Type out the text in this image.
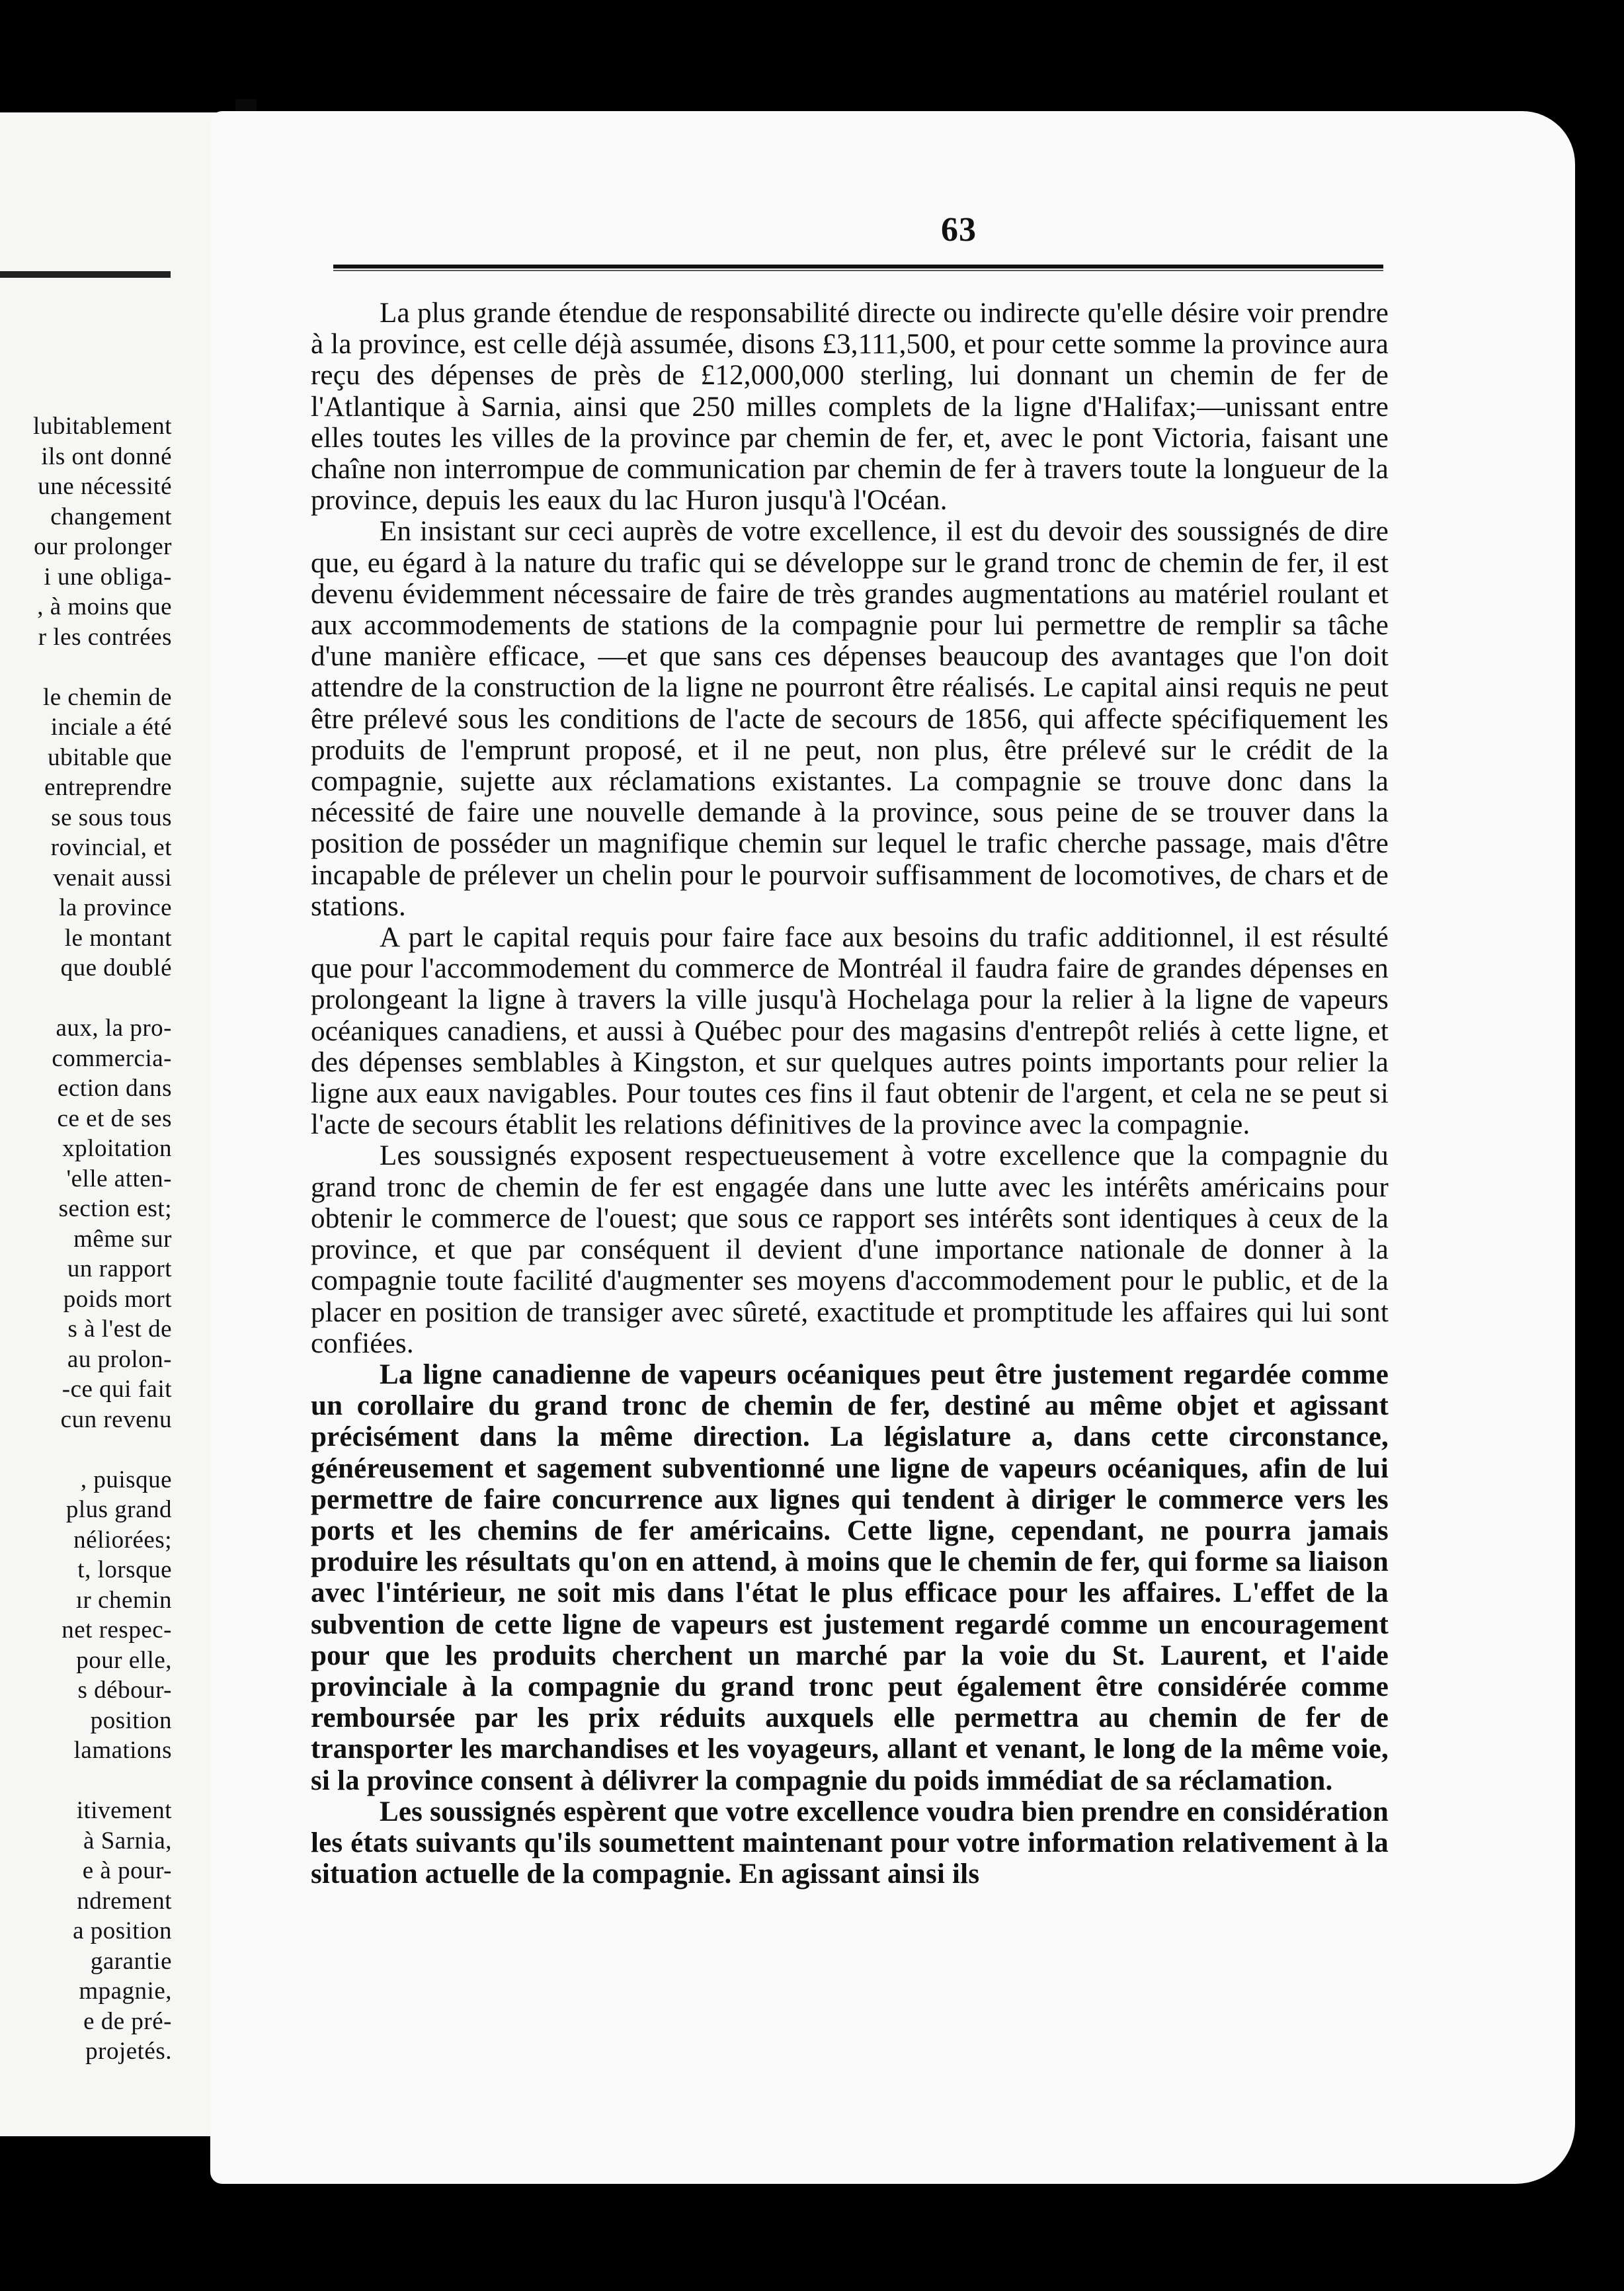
lubitablement
ils ont donné
une nécessité
changement
our prolonger
i une obliga-
, à moins que
r les contrées
le chemin de
inciale a été
ubitable que
entreprendre
se sous tous
rovincial, et
venait aussi
la province
le montant
que doublé
aux, la pro-
commercia-
ection dans
ce et de ses
xploitation
'elle atten-
section est;
même sur
un rapport
poids mort
s à l'est de
au prolon-
-ce qui fait
cun revenu
, puisque
plus grand
néliorées;
t, lorsque
ır chemin
net respec-
pour elle,
s débour-
position
lamations
itivement
à Sarnia,
e à pour-
ndrement
a position
garantie
mpagnie,
e de pré-
projetés.
63

La plus grande étendue de responsabilité directe ou indirecte qu'elle désire voir prendre à la province, est celle déjà assumée, disons £3,111,500, et pour cette somme la province aura reçu des dépenses de près de £12,000,000 sterling, lui donnant un chemin de fer de l'Atlantique à Sarnia, ainsi que 250 milles complets de la ligne d'Halifax;—unissant entre elles toutes les villes de la province par chemin de fer, et, avec le pont Victoria, faisant une chaîne non interrompue de communication par chemin de fer à travers toute la longueur de la province, depuis les eaux du lac Huron jusqu'à l'Océan.

En insistant sur ceci auprès de votre excellence, il est du devoir des soussignés de dire que, eu égard à la nature du trafic qui se développe sur le grand tronc de chemin de fer, il est devenu évidemment nécessaire de faire de très grandes augmentations au matériel roulant et aux accommodements de stations de la compagnie pour lui permettre de remplir sa tâche d'une manière efficace, —et que sans ces dépenses beaucoup des avantages que l'on doit attendre de la construction de la ligne ne pourront être réalisés. Le capital ainsi requis ne peut être prélevé sous les conditions de l'acte de secours de 1856, qui affecte spécifiquement les produits de l'emprunt proposé, et il ne peut, non plus, être prélevé sur le crédit de la compagnie, sujette aux réclamations existantes. La compagnie se trouve donc dans la nécessité de faire une nouvelle demande à la province, sous peine de se trouver dans la position de posséder un magnifique chemin sur lequel le trafic cherche passage, mais d'être incapable de prélever un chelin pour le pourvoir suffisamment de locomotives, de chars et de stations.

A part le capital requis pour faire face aux besoins du trafic additionnel, il est résulté que pour l'accommodement du commerce de Montréal il faudra faire de grandes dépenses en prolongeant la ligne à travers la ville jusqu'à Hochelaga pour la relier à la ligne de vapeurs océaniques canadiens, et aussi à Québec pour des magasins d'entrepôt reliés à cette ligne, et des dépenses semblables à Kingston, et sur quelques autres points importants pour relier la ligne aux eaux navigables. Pour toutes ces fins il faut obtenir de l'argent, et cela ne se peut si l'acte de secours établit les relations définitives de la province avec la compagnie.

Les soussignés exposent respectueusement à votre excellence que la compagnie du grand tronc de chemin de fer est engagée dans une lutte avec les intérêts américains pour obtenir le commerce de l'ouest; que sous ce rapport ses intérêts sont identiques à ceux de la province, et que par conséquent il devient d'une importance nationale de donner à la compagnie toute facilité d'augmenter ses moyens d'accommodement pour le public, et de la placer en position de transiger avec sûreté, exactitude et promptitude les affaires qui lui sont confiées.

La ligne canadienne de vapeurs océaniques peut être justement regardée comme un corollaire du grand tronc de chemin de fer, destiné au même objet et agissant précisément dans la même direction. La législature a, dans cette circonstance, généreusement et sagement subventionné une ligne de vapeurs océaniques, afin de lui permettre de faire concurrence aux lignes qui tendent à diriger le commerce vers les ports et les chemins de fer américains. Cette ligne, cependant, ne pourra jamais produire les résultats qu'on en attend, à moins que le chemin de fer, qui forme sa liaison avec l'intérieur, ne soit mis dans l'état le plus efficace pour les affaires. L'effet de la subvention de cette ligne de vapeurs est justement regardé comme un encouragement pour que les produits cherchent un marché par la voie du St. Laurent, et l'aide provinciale à la compagnie du grand tronc peut également être considérée comme remboursée par les prix réduits auxquels elle permettra au chemin de fer de transporter les marchandises et les voyageurs, allant et venant, le long de la même voie, si la province consent à délivrer la compagnie du poids immédiat de sa réclamation.

Les soussignés espèrent que votre excellence voudra bien prendre en considération les états suivants qu'ils soumettent maintenant pour votre information relativement à la situation actuelle de la compagnie. En agissant ainsi ils
